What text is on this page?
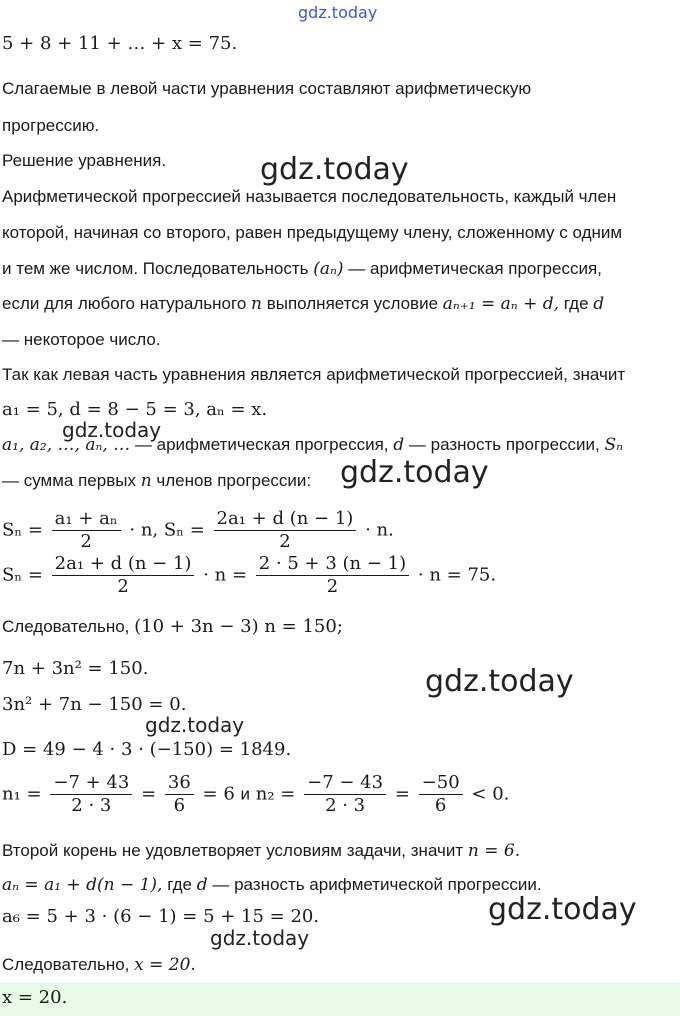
gdz.today
5 + 8 + 11 + … + x = 75.
Слагаемые в левой части уравнения составляют арифметическую
прогрессию.
Решение уравнения.	gdz.today
Арифметической прогрессией называется последовательность, каждый член
которой, начиная со второго, равен предыдущему члену, сложенному с одним
и тем же числом. Последовательность (aₙ) — арифметическая прогрессия,
если для любого натурального n выполняется условие aₙ₊₁ = aₙ + d, где d
— некоторое число.
Так как левая часть уравнения является арифметической прогрессией, значит
a₁ = 5, d = 8 − 5 = 3, aₙ = x.
gdz.today
a₁, a₂, …, aₙ, … — арифметическая прогрессия, d — разность прогрессии, Sₙ
— сумма первых n членов прогрессии: gdz.today
$S_n = \frac{\text{a₁ + aₙ}}{2} \cdot n$, $S_n = \frac{\text{2a₁ + d (n − 1)}}{2} \cdot n$.
$S_n = \frac{\text{2a₁ + d (n − 1)}}{2} \cdot n = \frac{2 \cdot 5 + 3 (n - 1)}{2} \cdot n = 75$.
Следовательно, (10 + 3n − 3) n = 150;
7n + 3n² = 150.
3n² + 7n − 150 = 0.
gdz.today
gdz.today
D = 49 − 4 · 3 · (−150) = 1849.
$n_1 = \frac{-7 + 43}{2 \cdot 3} = \frac{36}{6} = 6$ и $n_2 = \frac{-7 - 43}{2 \cdot 3} = \frac{-50}{6} < 0$.
Второй корень не удовлетворяет условиям задачи, значит n = 6.
aₙ = a₁ + d(n − 1), где d — разность арифметической прогрессии.
gdz.today
a₆ = 5 + 3 · (6 − 1) = 5 + 15 = 20.
gdz.today
Следовательно, x = 20.
x = 20.
